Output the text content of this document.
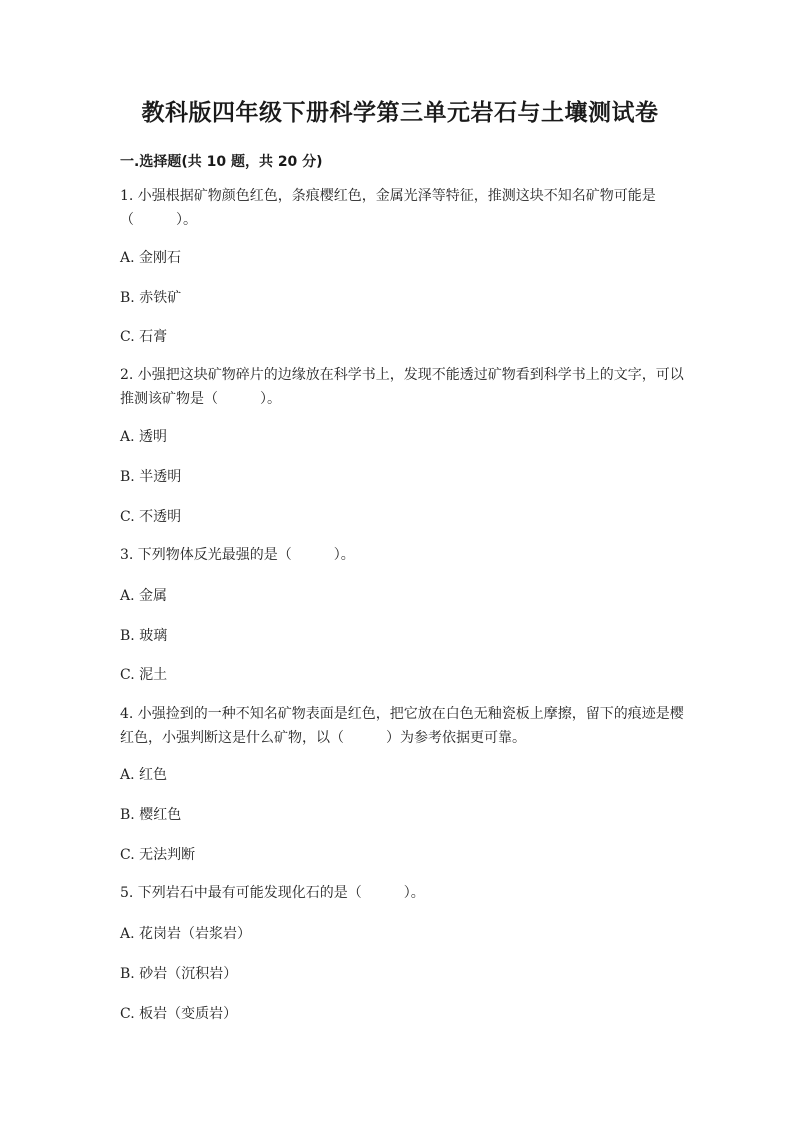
教科版四年级下册科学第三单元岩石与土壤测试卷
一.选择题(共 10 题，共 20 分)
1. 小强根据矿物颜色红色，条痕樱红色，金属光泽等特征，推测这块不知名矿物可能是（　　　）。
A. 金刚石
B. 赤铁矿
C. 石膏
2. 小强把这块矿物碎片的边缘放在科学书上，发现不能透过矿物看到科学书上的文字，可以推测该矿物是（　　　）。
A. 透明
B. 半透明
C. 不透明
3. 下列物体反光最强的是（　　　）。
A. 金属
B. 玻璃
C. 泥土
4. 小强捡到的一种不知名矿物表面是红色，把它放在白色无釉瓷板上摩擦，留下的痕迹是樱红色，小强判断这是什么矿物，以（　　　）为参考依据更可靠。
A. 红色
B. 樱红色
C. 无法判断
5. 下列岩石中最有可能发现化石的是（　　　）。
A. 花岗岩（岩浆岩）
B. 砂岩（沉积岩）
C. 板岩（变质岩）
